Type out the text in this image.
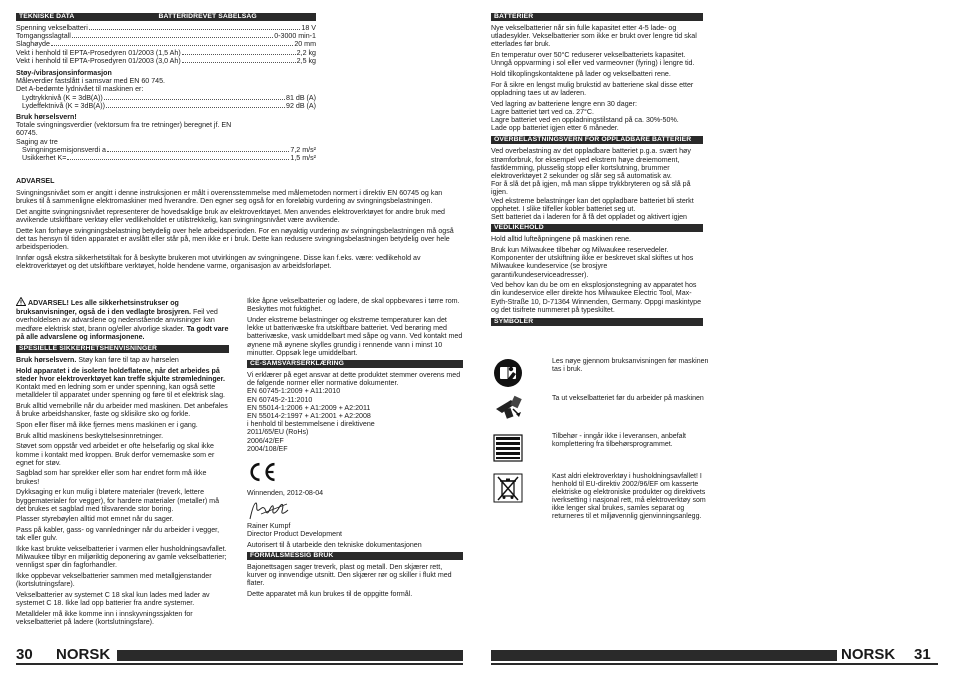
TEKNISKE DATA	BATTERIDREVET SABELSAG
Spenning vekselbatteri	18 V
Tomgangsslagtall	0-3000 min-1
Slaghøyde	20 mm
Vekt i henhold til EPTA-Prosedyren 01/2003 (1,5 Ah)	2,2 kg
Vekt i henhold til EPTA-Prosedyren 01/2003 (3,0 Ah)	2,5 kg

Støy-/vibrasjonsinformasjon

Måleverdier fastslått i samsvar med EN 60 745.

Det A-bedømte lydnivået til maskinen er:

Lydtrykknivå (K = 3dB(A))	81 dB (A)
Lydeffektnivå (K = 3dB(A))	92 dB (A)

Bruk hørselsvern!

Totale svingningsverdier (vektorsum fra tre retninger) beregnet jf. EN 60745.

Saging av tre

Svingningsemisjonsverdi a	7,2 m/s²
Usikkerhet K=	1,5 m/s²

ADVARSEL

Svingningsnivået som er angitt i denne instruksjonen er målt i overensstemmelse med målemetoden normert i direktiv EN 60745 og kan brukes til å sammenligne elektromaskiner med hverandre. Den egner seg også for en foreløbig vurdering av svingningsbelastningen.

Det angitte svingningsnivået representerer de hovedsaklige bruk av elektroverktøyet. Men anvendes elektroverktøyet for andre bruk med avvikende utskiftbare verktøy eller vedlikeholdet er utilstrekkelig, kan svingningsnivået være avvikende.

Dette kan forhøye svingningsbelastning betydelig over hele arbeidsperioden. For en nøyaktig vurdering av svingningsbelastningen må også det tas hensyn til tiden apparatet er avslått eller står på, men ikke er i bruk. Dette kan redusere svingningsbelastningen betydelig over hele arbeidsperioden.

Innfør også ekstra sikkerhetstiltak for å beskytte brukeren mot utvirkingen av svingningene. Disse kan f.eks. være: vedlikehold av elektroverktøyet og det utskiftbare verktøyet, holde hendene varme, organisasjon av arbeidsforløpet.

ADVARSEL! Les alle sikkerhetsinstrukser og bruksanvisninger, også de i den vedlagte brosjyren. Feil ved overholdelsen av advarslene og nedenstående anvisninger kan medføre elektrisk støt, brann og/eller alvorlige skader. Ta godt vare på alle advarslene og informasjonene.

SPESIELLE SIKKERHETSHENVISNINGER

Bruk hørselsvern. Støy kan føre til tap av hørselen

Hold apparatet i de isolerte holdeflatene, når det arbeides på steder hvor elektroverktøyet kan treffe skjulte strømledninger. Kontakt med en ledning som er under spenning, kan også sette metalldeler til apparatet under spenning og føre til et elektrisk slag.

Bruk alltid vernebrille når du arbeider med maskinen. Det anbefales å bruke arbeidshansker, faste og sklisikre sko og forkle.

Spon eller fliser må ikke fjernes mens maskinen er i gang.

Bruk alltid maskinens beskyttelsesinnretninger.

Støvet som oppstår ved arbeidet er ofte helsefarlig og skal ikke komme i kontakt med kroppen. Bruk derfor vernemaske som er egnet for støv.

Sagblad som har sprekker eller som har endret form må ikke brukes!

Dykksaging er kun mulig i bløtere materialer (treverk, lettere byggematerialer for vegger), for hardere materialer (metaller) må det brukes et sagblad med tilsvarende stor boring.

Plasser styrebøylen alltid mot emnet når du sager.

Pass på kabler, gass- og vannledninger når du arbeider i vegger, tak eller gulv.

Ikke kast brukte vekselbatterier i varmen eller husholdningsavfallet. Milwaukee tilbyr en miljøriktig deponering av gamle vekselbatterier; vennligst spør din fagforhandler.

Ikke oppbevar vekselbatterier sammen med metallgjenstander (kortslutningsfare).

Vekselbatterier av systemet C 18 skal kun lades med lader av systemet C 18. Ikke lad opp batterier fra andre systemer.

Metalldeler må ikke komme inn i innskyvningssjakten for vekselbatteriet på ladere (kortslutningsfare).

Ikke åpne vekselbatterier og ladere, de skal oppbevares i tørre rom. Beskyttes mot fuktighet.

Under ekstreme belastninger og ekstreme temperaturer kan det lekke ut batterivæske fra utskiftbare batteriet. Ved berøring med batterivæske, vask umiddelbart med såpe og vann. Ved kontakt med øynene må øynene skylles grundig i rennende vann i minst 10 minutter. Oppsøk lege umiddelbart.

CE-SAMSVARSERKLÆRING

Vi erklærer på eget ansvar at dette produktet stemmer overens med de følgende normer eller normative dokumenter.

EN 60745-1:2009 + A11:2010
EN 60745-2-11:2010
EN 55014-1:2006 + A1:2009 + A2:2011
EN 55014-2:1997 + A1:2001 + A2:2008

i henhold til bestemmelsene i direktivene

2011/65/EU (RoHs)
2006/42/EF
2004/108/EF

Winnenden, 2012-08-04

Rainer Kumpf

Director Product Development

Autorisert til å utarbeide den tekniske dokumentasjonen

FORMÅLSMESSIG BRUK

Bajonettsagen sager treverk, plast og metall. Den skjærer rett, kurver og innvendige utsnitt. Den skjærer rør og skiller i flukt med flater.

Dette apparatet må kun brukes til de oppgitte formål.

30 NORSK
BATTERIER

Nye vekselbatterier når sin fulle kapasitet etter 4-5 lade- og utladesykler. Vekselbatterier som ikke er brukt over lengre tid skal etterlades før bruk.

En temperatur over 50°C reduserer vekselbatteriets kapasitet. Unngå oppvarming i sol eller ved varmeovner (fyring) i lengre tid.

Hold tilkoplingskontaktene på lader og vekselbatteri rene.

For å sikre en lengst mulig brukstid av batteriene skal disse etter oppladning taes ut av laderen.

Ved lagring av batteriene lengre enn 30 dager:
Lagre batteriet tørt ved ca. 27°C.
Lagre batteriet ved en oppladningstilstand på ca. 30%-50%.
Lade opp batteriet igjen etter 6 måneder.

OVERBELASTNINGSVERN FOR OPPLADBARE BATTERIER

Ved overbelastning av det oppladbare batteriet p.g.a. svært høy strømforbruk, for eksempel ved ekstrem høye dreiemoment, fastklemming, plusselig stopp eller kortslutning, brummer elektroverktøyet 2 sekunder og slår seg så automatisk av.

For å slå det på igjen, må man slippe trykkbryteren og så slå på igjen.

Ved ekstreme belastninger kan det oppladbare batteriet bli sterkt opphetet. I slike tilfeller kobler batteriet seg ut.

Sett batteriet da i laderen for å få det oppladet og aktivert igjen

VEDLIKEHOLD

Hold alltid lufteåpningene på maskinen rene.

Bruk kun Milwaukee tilbehør og Milwaukee reservedeler. Komponenter der utskiftning ikke er beskrevet skal skiftes ut hos Milwaukee kundeservice (se brosjyre garanti/kundeserviceadresser).

Ved behov kan du be om en eksplosjonstegning av apparatet hos din kundeservice eller direkte hos Milwaukee Electric Tool, Max-Eyth-Straße 10, D-71364 Winnenden, Germany. Oppgi maskintype og det tisifrete nummeret på typeskiltet.

SYMBOLER
Les nøye gjennom bruksanvisningen før maskinen tas i bruk.
Ta ut vekselbatteriet før du arbeider på maskinen
Tilbehør - inngår ikke i leveransen, anbefalt komplettering fra tilbehørsprogrammet.
Kast aldri elektroverktøy i husholdningsavfallet! I henhold til EU-direktiv 2002/96/EF om kasserte elektriske og elektroniske produkter og direktivets iverksetting i nasjonal rett, må elektroverktøy som ikke lenger skal brukes, samles separat og returneres til et miljøvennlig gjenvinningsanlegg.
NORSK 31
